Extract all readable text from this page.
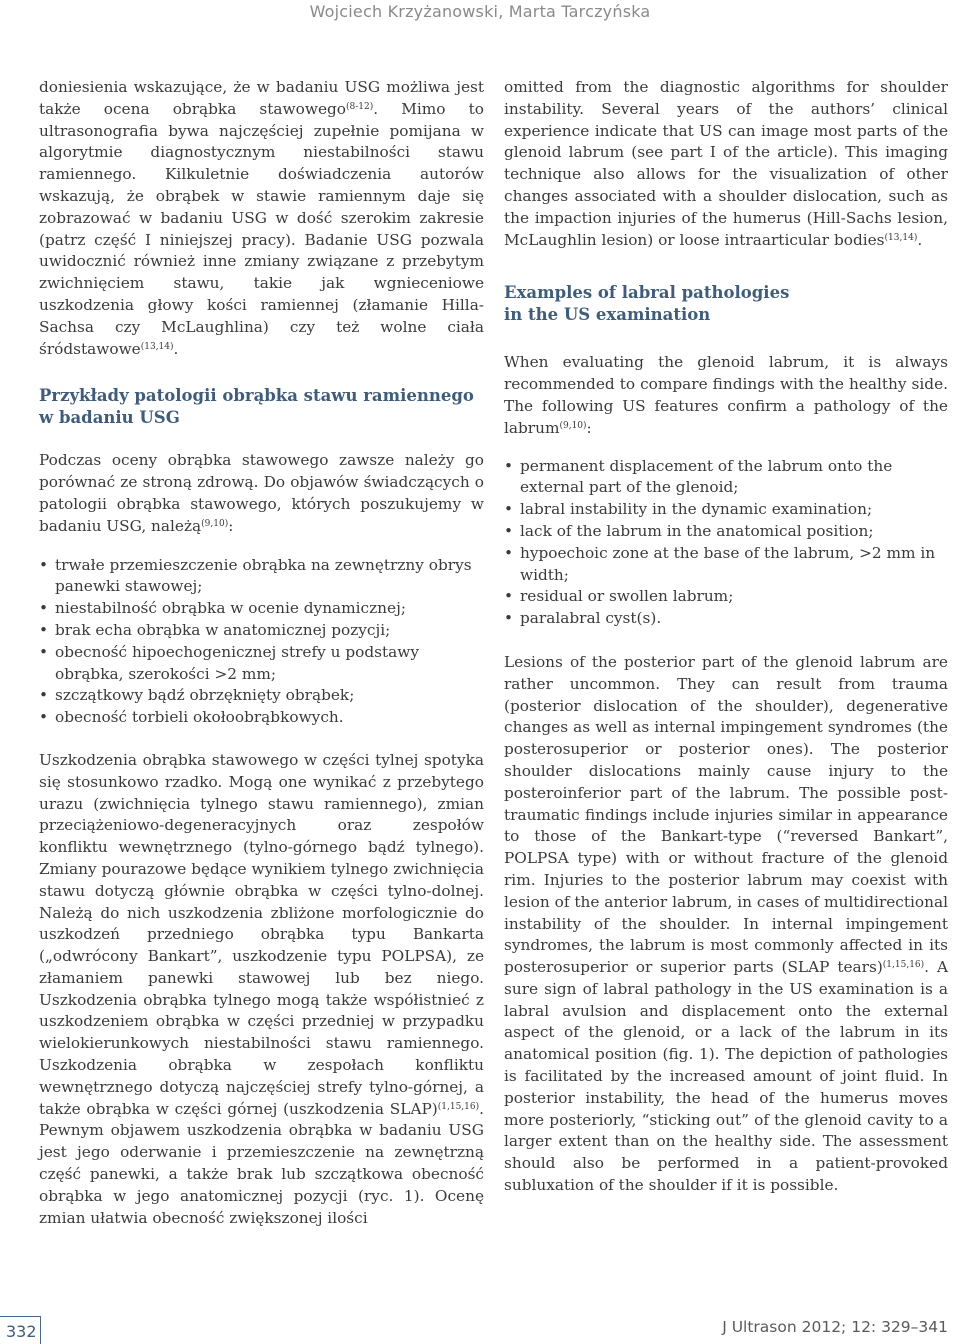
Wojciech Krzyżanowski, Marta Tarczyńska

doniesienia wskazujące, że w badaniu USG możliwa jest także ocena obrąbka stawowego$^{(8-12)}$. Mimo to ultrasonografia bywa najczęściej zupełnie pomijana w algorytmie diagnostycznym niestabilności stawu ramiennego. Kilkuletnie doświadczenia autorów wskazują, że obrąbek w stawie ramiennym daje się zobrazować w badaniu USG w dość szerokim zakresie (patrz część I niniejszej pracy). Badanie USG pozwala uwidocznić również inne zmiany związane z przebytym zwichnięciem stawu, takie jak wgnieceniowe uszkodzenia głowy kości ramiennej (złamanie Hilla-Sachsa czy McLaughlina) czy też wolne ciała śródstawowe$^{(13,14)}$.

Przykłady patologii obrąbka stawu ramiennego
w badaniu USG

Podczas oceny obrąbka stawowego zawsze należy go porównać ze stroną zdrową. Do objawów świadczących o patologii obrąbka stawowego, których poszukujemy w badaniu USG, należą$^{(9,10)}$:

• trwałe przemieszczenie obrąbka na zewnętrzny obrys panewki stawowej;
• niestabilność obrąbka w ocenie dynamicznej;
• brak echa obrąbka w anatomicznej pozycji;
• obecność hipoechogenicznej strefy u podstawy obrąbka, szerokości >2 mm;
• szczątkowy bądź obrzęknięty obrąbek;
• obecność torbieli okołoobrąbkowych.

Uszkodzenia obrąbka stawowego w części tylnej spotyka się stosunkowo rzadko. Mogą one wynikać z przebytego urazu (zwichnięcia tylnego stawu ramiennego), zmian przeciążeniowo-degeneracyjnych oraz zespołów konfliktu wewnętrznego (tylno-górnego bądź tylnego). Zmiany pourazowe będące wynikiem tylnego zwichnięcia stawu dotyczą głównie obrąbka w części tylno-dolnej. Należą do nich uszkodzenia zbliżone morfologicznie do uszkodzeń przedniego obrąbka typu Bankarta („odwrócony Bankart”, uszkodzenie typu POLPSA), ze złamaniem panewki stawowej lub bez niego. Uszkodzenia obrąbka tylnego mogą także współistnieć z uszkodzeniem obrąbka w części przedniej w przypadku wielokierunkowych niestabilności stawu ramiennego. Uszkodzenia obrąbka w zespołach konfliktu wewnętrznego dotyczą najczęściej strefy tylno-górnej, a także obrąbka w części górnej (uszkodzenia SLAP)$^{(1,15,16)}$. Pewnym objawem uszkodzenia obrąbka w badaniu USG jest jego oderwanie i przemieszczenie na zewnętrzną część panewki, a także brak lub szczątkowa obecność obrąbka w jego anatomicznej pozycji (ryc. 1). Ocenę zmian ułatwia obecność zwiększonej ilości

omitted from the diagnostic algorithms for shoulder instability. Several years of the authors’ clinical experience indicate that US can image most parts of the glenoid labrum (see part I of the article). This imaging technique also allows for the visualization of other changes associated with a shoulder dislocation, such as the impaction injuries of the humerus (Hill-Sachs lesion, McLaughlin lesion) or loose intraarticular bodies$^{(13,14)}$.

Examples of labral pathologies
in the US examination

When evaluating the glenoid labrum, it is always recommended to compare findings with the healthy side. The following US features confirm a pathology of the labrum$^{(9,10)}$:

• permanent displacement of the labrum onto the external part of the glenoid;
• labral instability in the dynamic examination;
• lack of the labrum in the anatomical position;
• hypoechoic zone at the base of the labrum, >2 mm in width;
• residual or swollen labrum;
• paralabral cyst(s).

Lesions of the posterior part of the glenoid labrum are rather uncommon. They can result from trauma (posterior dislocation of the shoulder), degenerative changes as well as internal impingement syndromes (the posterosuperior or posterior ones). The posterior shoulder dislocations mainly cause injury to the posteroinferior part of the labrum. The possible post-traumatic findings include injuries similar in appearance to those of the Bankart-type (“reversed Bankart”, POLPSA type) with or without fracture of the glenoid rim. Injuries to the posterior labrum may coexist with lesion of the anterior labrum, in cases of multidirectional instability of the shoulder. In internal impingement syndromes, the labrum is most commonly affected in its posterosuperior or superior parts (SLAP tears)$^{(1,15,16)}$. A sure sign of labral pathology in the US examination is a labral avulsion and displacement onto the external aspect of the glenoid, or a lack of the labrum in its anatomical position (fig. 1). The depiction of pathologies is facilitated by the increased amount of joint fluid. In posterior instability, the head of the humerus moves more posteriorly, “sticking out” of the glenoid cavity to a larger extent than on the healthy side. The assessment should also be performed in a patient-provoked subluxation of the shoulder if it is possible.

332	J Ultrason 2012; 12: 329–341
